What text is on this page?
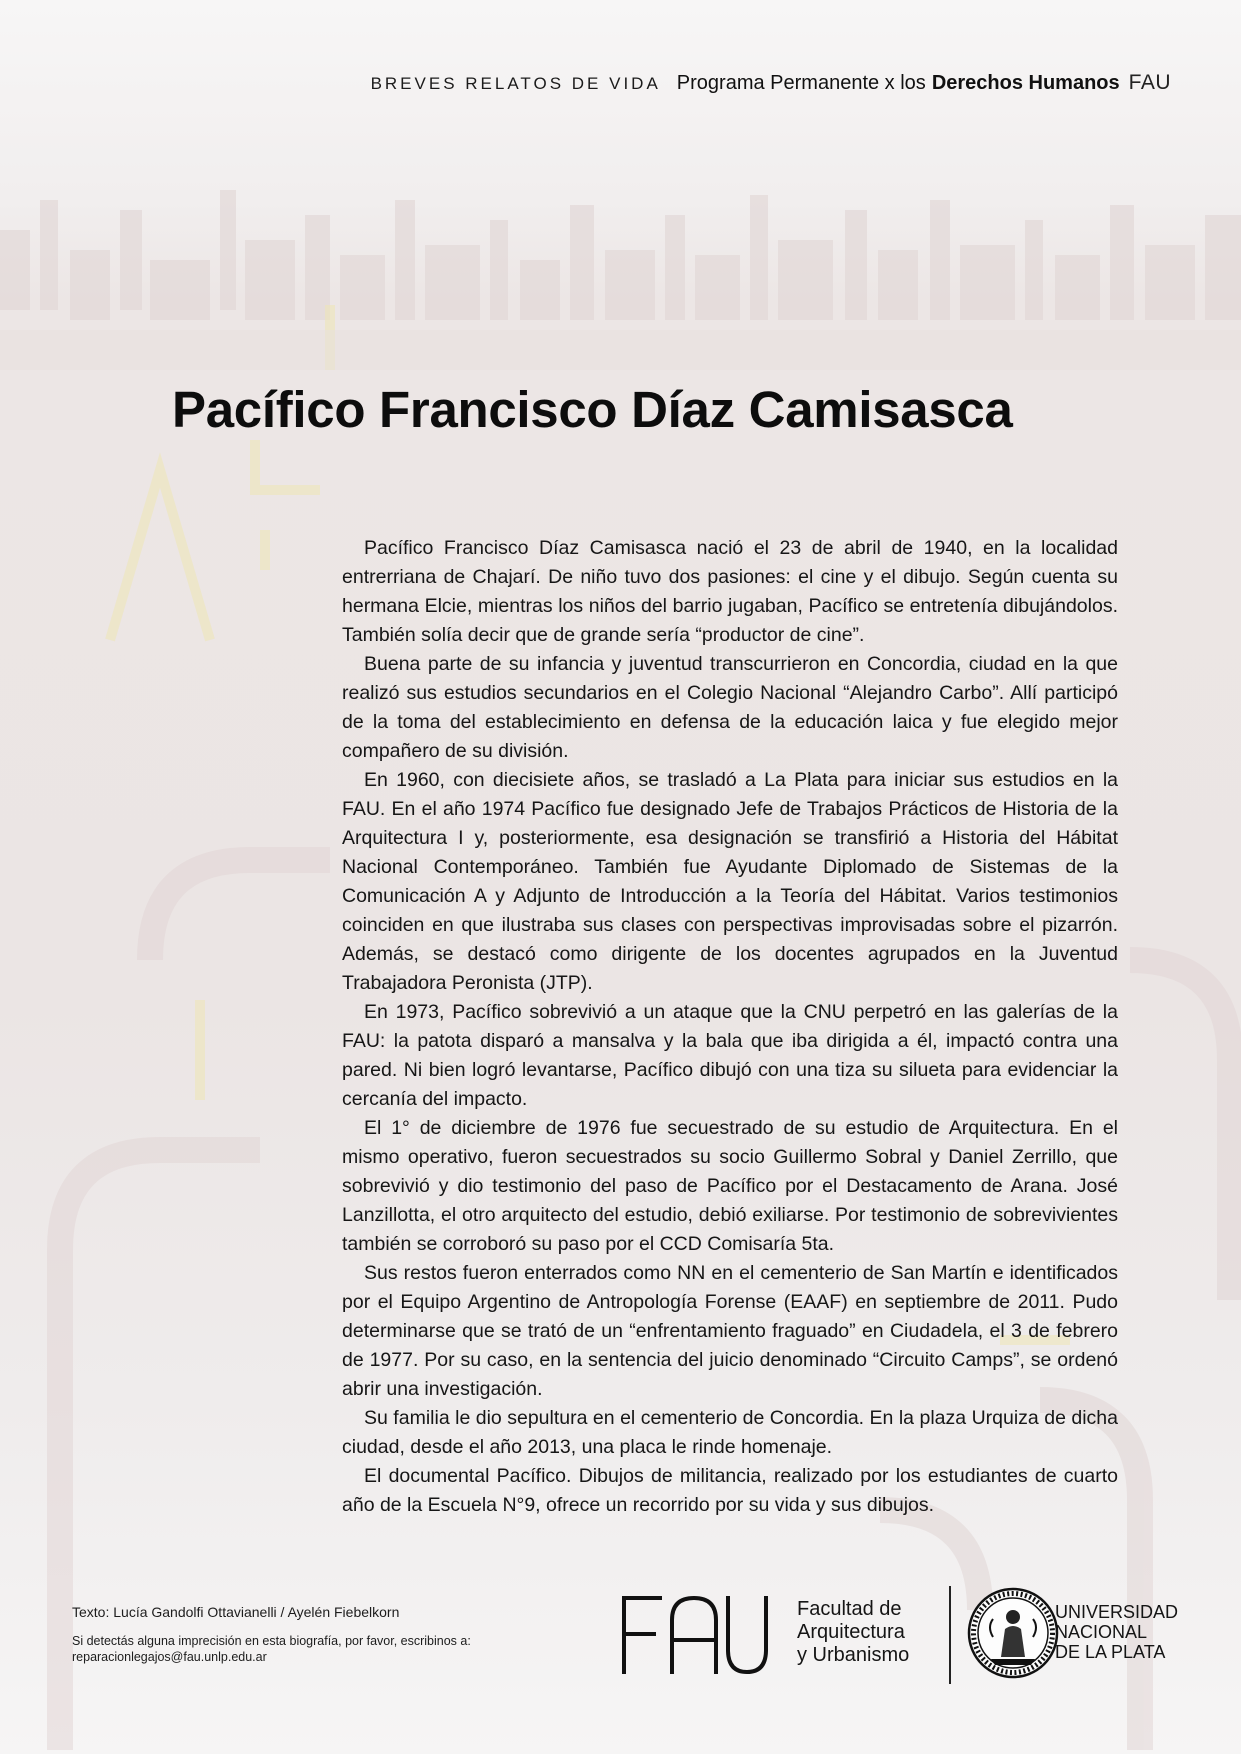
BREVES RELATOS DE VIDA Programa Permanente x los Derechos Humanos FAU
Pacífico Francisco Díaz Camisasca

Pacífico Francisco Díaz Camisasca nació el 23 de abril de 1940, en la localidad entrerriana de Chajarí. De niño tuvo dos pasiones: el cine y el dibujo. Según cuenta su hermana Elcie, mientras los niños del barrio jugaban, Pacífico se entretenía dibujándolos. También solía decir que de grande sería “productor de cine”.

Buena parte de su infancia y juventud transcurrieron en Concordia, ciudad en la que realizó sus estudios secundarios en el Colegio Nacional “Alejandro Carbo”. Allí participó de la toma del establecimiento en defensa de la educación laica y fue elegido mejor compañero de su división.

En 1960, con diecisiete años, se trasladó a La Plata para iniciar sus estudios en la FAU. En el año 1974 Pacífico fue designado Jefe de Trabajos Prácticos de Historia de la Arquitectura I y, posteriormente, esa designación se transfirió a Historia del Hábitat Nacional Contemporáneo. También fue Ayudante Diplomado de Sistemas de la Comunicación A y Adjunto de Introducción a la Teoría del Hábitat. Varios testimonios coinciden en que ilustraba sus clases con perspectivas improvisadas sobre el pizarrón. Además, se destacó como dirigente de los docentes agrupados en la Juventud Trabajadora Peronista (JTP).

En 1973, Pacífico sobrevivió a un ataque que la CNU perpetró en las galerías de la FAU: la patota disparó a mansalva y la bala que iba dirigida a él, impactó contra una pared. Ni bien logró levantarse, Pacífico dibujó con una tiza su silueta para evidenciar la cercanía del impacto.

El 1° de diciembre de 1976 fue secuestrado de su estudio de Arquitectura. En el mismo operativo, fueron secuestrados su socio Guillermo Sobral y Daniel Zerrillo, que sobrevivió y dio testimonio del paso de Pacífico por el Destacamento de Arana. José Lanzillotta, el otro arquitecto del estudio, debió exiliarse. Por testimonio de sobrevivientes también se corroboró su paso por el CCD Comisaría 5ta.

Sus restos fueron enterrados como NN en el cementerio de San Martín e identificados por el Equipo Argentino de Antropología Forense (EAAF) en septiembre de 2011. Pudo determinarse que se trató de un “enfrentamiento fraguado” en Ciudadela, el 3 de febrero de 1977. Por su caso, en la sentencia del juicio denominado “Circuito Camps”, se ordenó abrir una investigación.

Su familia le dio sepultura en el cementerio de Concordia. En la plaza Urquiza de dicha ciudad, desde el año 2013, una placa le rinde homenaje.

El documental Pacífico. Dibujos de militancia, realizado por los estudiantes de cuarto año de la Escuela N°9, ofrece un recorrido por su vida y sus dibujos.

Texto: Lucía Gandolfi Ottavianelli / Ayelén Fiebelkorn
Si detectás alguna imprecisión en esta biografía, por favor, escribinos a: reparacionlegajos@fau.unlp.edu.ar
Facultad de
Arquitectura
y Urbanismo
UNIVERSIDAD
NACIONAL
DE LA PLATA
